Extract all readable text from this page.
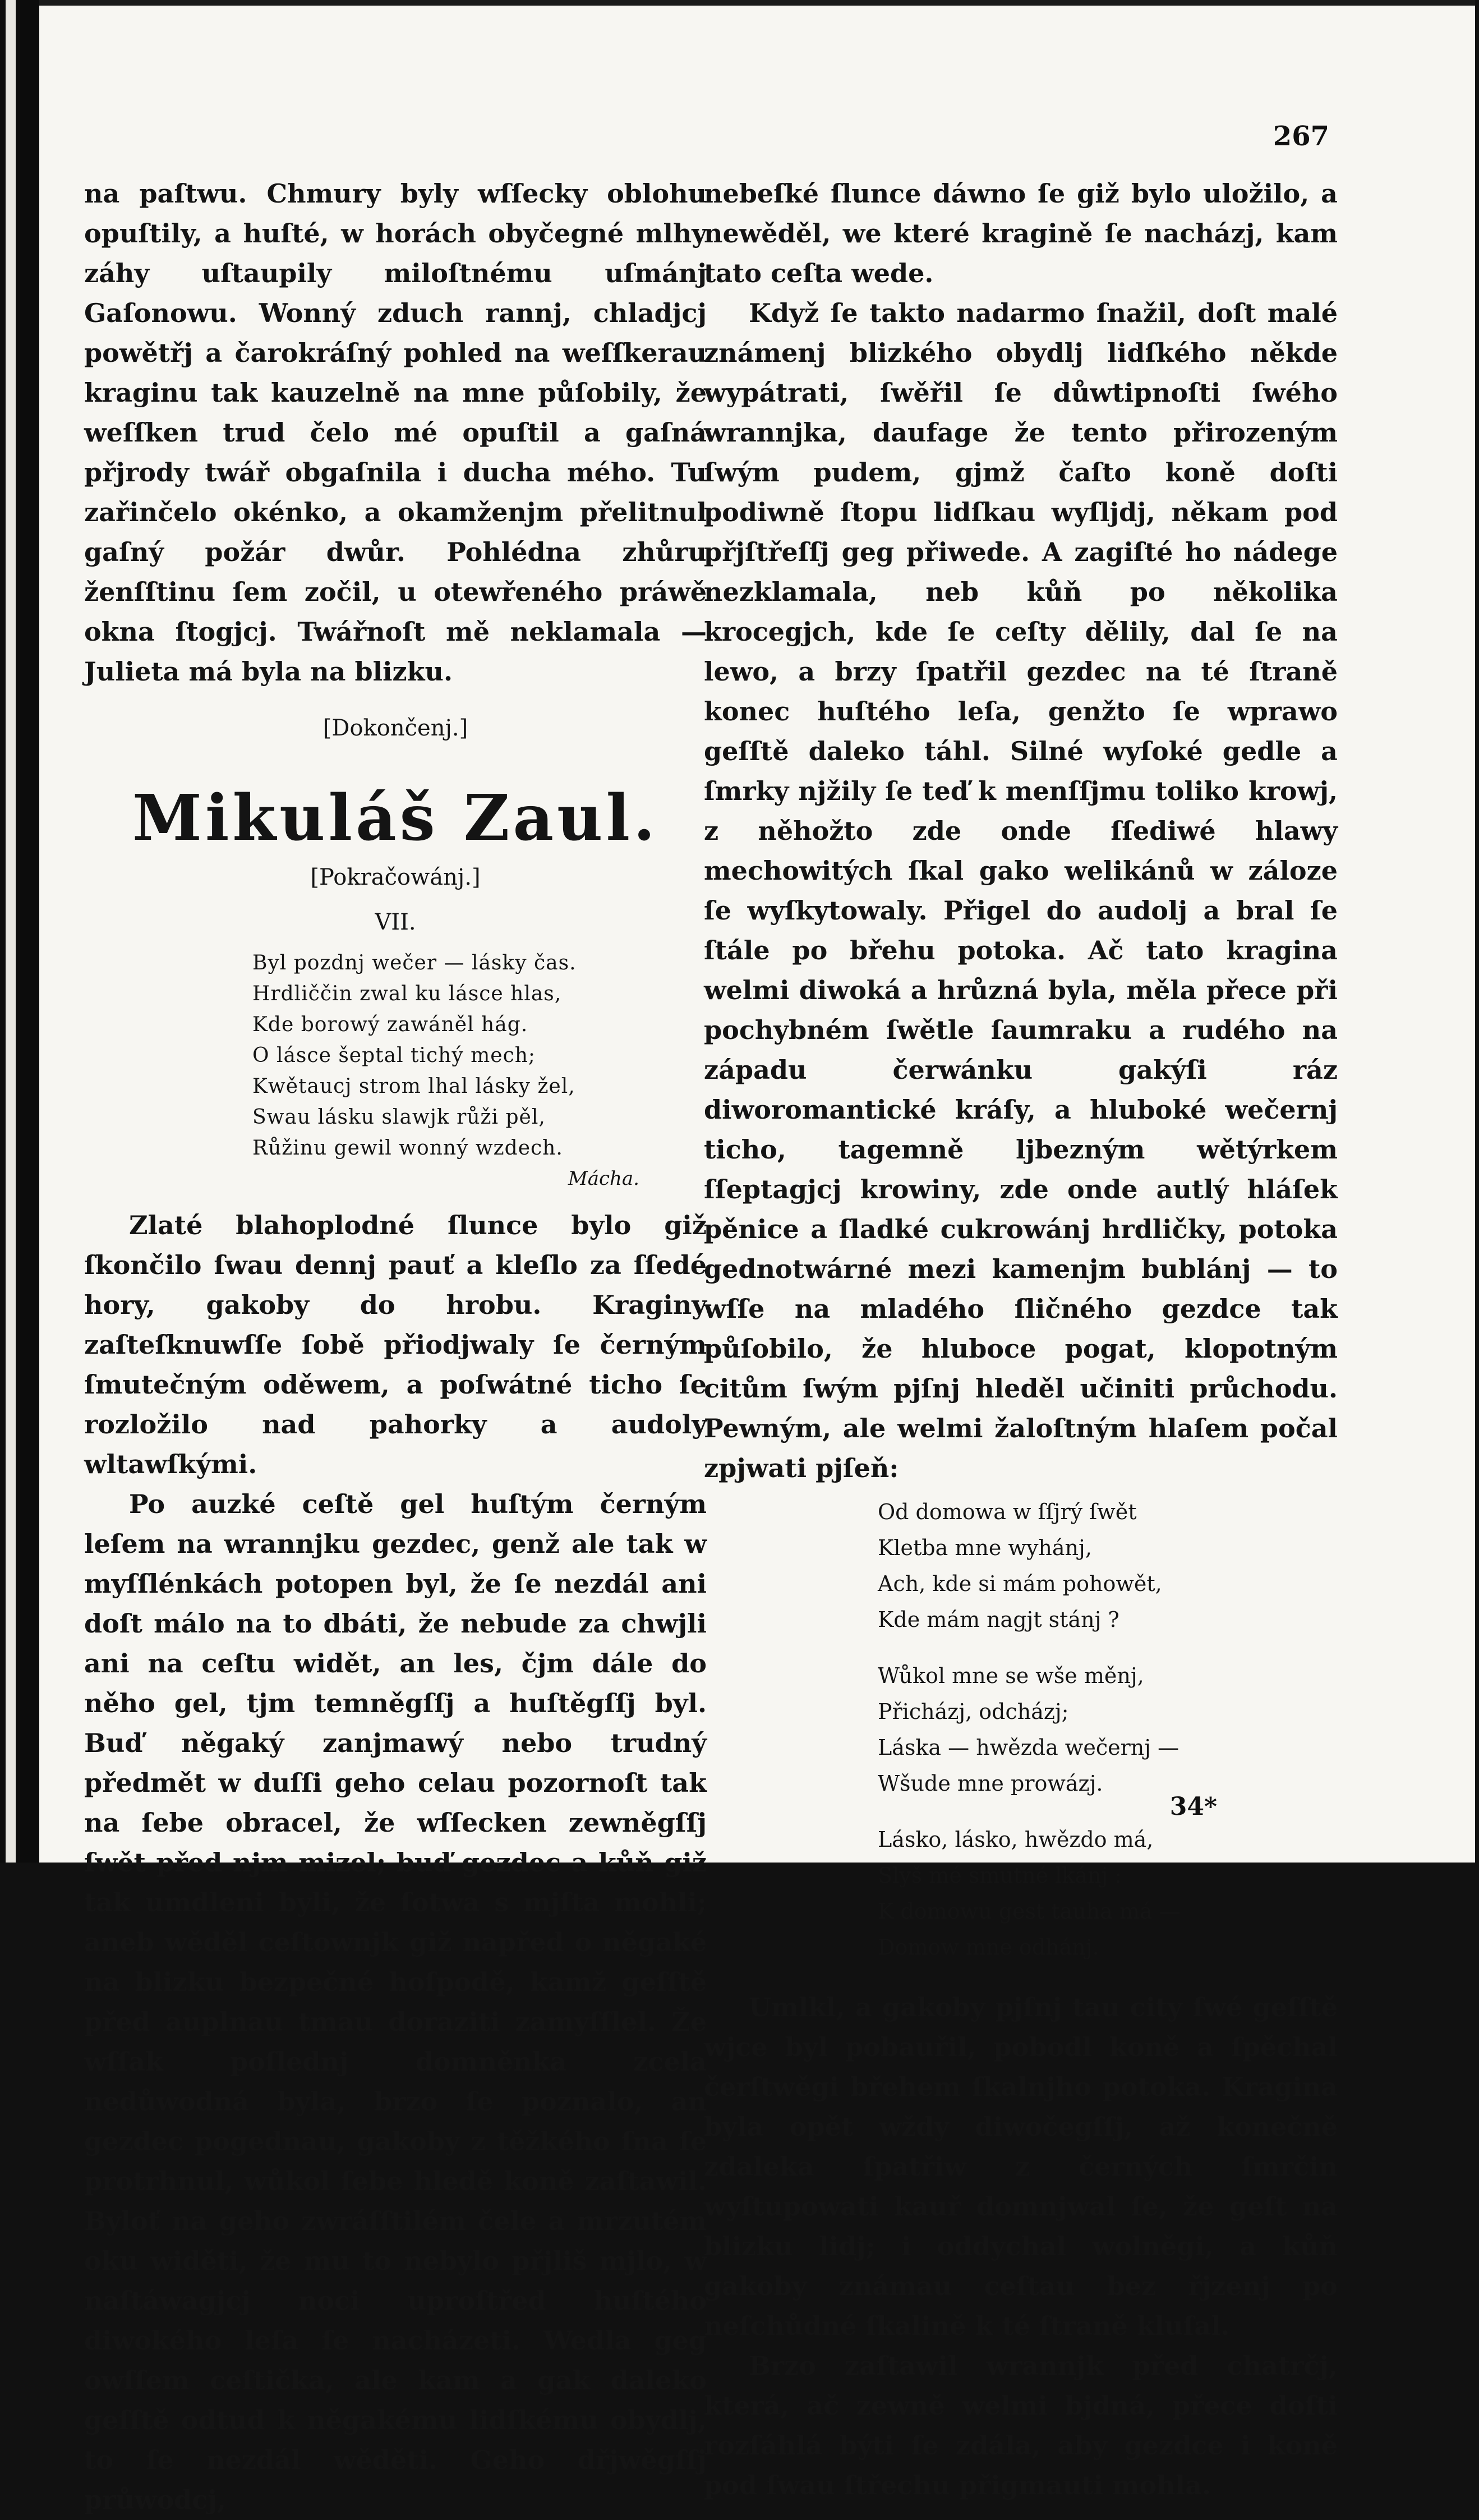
267

na paſtwu. Chmury byly wſſecky oblohu opuſtily, a huſté, w horách obyčegné mlhy záhy uſtaupily miloſtnému uſmánj Gaſonowu. Wonný zduch rannj, chladjcj powětřj a čarokráſný pohled na weſſkerau kraginu tak kauzelně na mne půſobily, že weſſken trud čelo mé opuſtil a gaſná přjrody twář obgaſnila i ducha mého. Tu zařinčelo okénko, a okamženjm přelitnul gaſný požár dwůr. Pohlédna zhůru ženſſtinu ſem zočil, u otewřeného práwě okna ſtogjcj. Twářnoſt mě neklamala — Julieta má byla na blizku.

[Dokončenj.]
Mikuláš Zaul.
[Pokračowánj.]
VII.
Byl pozdnj wečer — lásky čas.
Hrdliččin zwal ku lásce hlas,
Kde borowý zawáněl hág.
O lásce šeptal tichý mech;
Kwětaucj strom lhal lásky žel,
Swau lásku slawjk růži pěl,
Růžinu gewil wonný wzdech.
Mácha.

Zlaté blahoplodné ſlunce bylo giž ſkončilo ſwau dennj pauť a kleſlo za ſſedé hory, gakoby do hrobu. Kraginy zaſteſknuwſſe ſobě přiodjwaly ſe černým ſmutečným oděwem, a poſwátné ticho ſe rozložilo nad pahorky a audoly wltawſkými.

Po auzké ceſtě gel huſtým černým leſem na wrannjku gezdec, genž ale tak w myſſlénkách potopen byl, že ſe nezdál ani doſt málo na to dbáti, že nebude za chwjli ani na ceſtu widět, an les, čjm dále do něho gel, tjm temněgſſj a huſtěgſſj byl. Buď něgaký zanjmawý nebo trudný předmět w duſſi geho celau pozornoſt tak na ſebe obracel, že wſſecken zewněgſſj ſwět před njm mizel; buď gezdec a kůň giž tak umdleni byli, že ſotwa s mjſta mohli; aneb wěděl ceſtownjk giž napřed o něgaké na blizku bezpečné hoſpodě, kamž geſſtě před auplnau tmau doraziti zamyſſlel. Že wſſak poſlednj domněnka zcela nedůwodná byla, brzo ſe poznalo, an gezdec pogednau, gakoby z těžkého ſna ſe protrhnul, wůkol ſebe hledě koně zaſtawil. Byloť na geho zwráſſtilém čele a mrzutém oku widěti, že mu to nebylo přjliš mjlo, w naſtáwagjcj noci uproſtřed huſtého diwokého leſa ſe nacházeti. Wedla geg owſſem ceſtička, ale kam a gak daleko geſſtě odtud k něgakému lidſkému obydlj, to ſe nezdál wěděti. Geho dřjwěgſſj průwodcj,

nebeſké ſlunce dáwno ſe giž bylo uložilo, a newěděl, we které kragině ſe nacházj, kam tato ceſta wede.

Když ſe takto nadarmo ſnažil, doſt malé známenj blizkého obydlj lidſkého někde wypátrati, ſwěřil ſe důwtipnoſti ſwého wrannjka, daufage že tento přirozeným ſwým pudem, gjmž čaſto koně doſti podiwně ſtopu lidſkau wyſljdj, někam pod přjſtřeſſj geg přiwede. A zagiſté ho nádege nezklamala, neb kůň po několika krocegjch, kde ſe ceſty dělily, dal ſe na lewo, a brzy ſpatřil gezdec na té ſtraně konec huſtého leſa, genžto ſe wprawo geſſtě daleko táhl. Silné wyſoké gedle a ſmrky njžily ſe teď k menſſjmu toliko krowj, z něhožto zde onde ſſediwé hlawy mechowitých ſkal gako welikánů w záloze ſe wyſkytowaly. Přigel do audolj a bral ſe ſtále po břehu potoka. Ač tato kragina welmi diwoká a hrůzná byla, měla přece při pochybném ſwětle ſaumraku a rudého na západu čerwánku gakýſi ráz diworomantické kráſy, a hluboké wečernj ticho, tagemně ljbezným wětýrkem ſſeptagjcj krowiny, zde onde autlý hláſek pěnice a ſladké cukrowánj hrdličky, potoka gednotwárné mezi kamenjm bublánj — to wſſe na mladého ſličného gezdce tak půſobilo, že hluboce pogat, klopotným citům ſwým pjſnj hleděl učiniti průchodu. Pewným, ale welmi žaloſtným hlaſem počal zpjwati pjſeň:

Od domowa w ſſjrý ſwět
Kletba mne wyhánj,
Ach, kde si mám pohowět,
Kde mám nagjt stánj ?
Wůkol mne se wše měnj,
Přicházj, odcházj;
Láska — hwězda wečernj —
Wšude mne prowázj.
Lásko, lásko, hwězdo má,
Slyš mé smutné lkánj :
K domowu gest tauha má —
Domow mne odhánj.

Umlkl, a gakoby pjſnj tau city ſwé geſſtě wjce byl pobauřil, pobodl koně a ſpěchal čerſtwěgi břehem ſkalnjho potoka. Kragina byla opět wždy diwočegſſj, až konečně zdaleka ſpatřiw z černých ſmrčin wyſtupowati kauř domnjwal ſe, že geſt na blizku lidj; i oddychal wolněgi, a kůň gakoby známau ceſtau bez řjzenj po neſchůdné ſkalině k té ſtraně kluſal.

Brzo zaſtawil wrannjk před chatrčj, která, ač zewně welmi bjdná, přece doſti rozſáhlá býti ſe zdála, aby gezdce i koně pod ſwau ſtřechu přigmauti mohla.

34*
